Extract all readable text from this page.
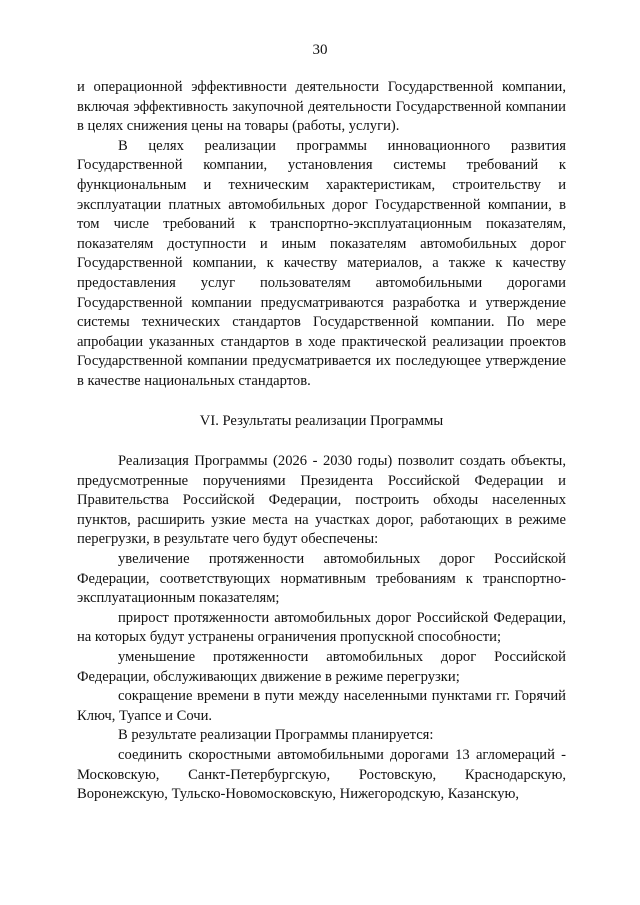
30

и операционной эффективности деятельности Государственной компании, включая эффективность закупочной деятельности Государственной компании в целях снижения цены на товары (работы, услуги).

В целях реализации программы инновационного развития Государственной компании, установления системы требований к функциональным и техническим характеристикам, строительству и эксплуатации платных автомобильных дорог Государственной компании, в том числе требований к транспортно-эксплуатационным показателям, показателям доступности и иным показателям автомобильных дорог Государственной компании, к качеству материалов, а также к качеству предоставления услуг пользователям автомобильными дорогами Государственной компании предусматриваются разработка и утверждение системы технических стандартов Государственной компании. По мере апробации указанных стандартов в ходе практической реализации проектов Государственной компании предусматривается их последующее утверждение в качестве национальных стандартов.

VI. Результаты реализации Программы

Реализация Программы (2026 - 2030 годы) позволит создать объекты, предусмотренные поручениями Президента Российской Федерации и Правительства Российской Федерации, построить обходы населенных пунктов, расширить узкие места на участках дорог, работающих в режиме перегрузки, в результате чего будут обеспечены:

увеличение протяженности автомобильных дорог Российской Федерации, соответствующих нормативным требованиям к транспортно-эксплуатационным показателям;

прирост протяженности автомобильных дорог Российской Федерации, на которых будут устранены ограничения пропускной способности;

уменьшение протяженности автомобильных дорог Российской Федерации, обслуживающих движение в режиме перегрузки;

сокращение времени в пути между населенными пунктами гг. Горячий Ключ, Туапсе и Сочи.

В результате реализации Программы планируется:

соединить скоростными автомобильными дорогами 13 агломераций - Московскую, Санкт-Петербургскую, Ростовскую, Краснодарскую, Воронежскую, Тульско-Новомосковскую, Нижегородскую, Казанскую,
